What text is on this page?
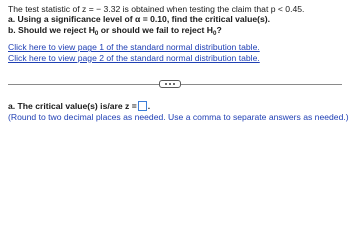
The test statistic of z = − 3.32 is obtained when testing the claim that p < 0.45.

a. Using a significance level of α = 0.10, find the critical value(s).

b. Should we reject $H_0$ or should we fail to reject $H_0$?

Click here to view page 1 of the standard normal distribution table.
Click here to view page 2 of the standard normal distribution table.
a. The critical value(s) is/are z = .
(Round to two decimal places as needed. Use a comma to separate answers as needed.)
